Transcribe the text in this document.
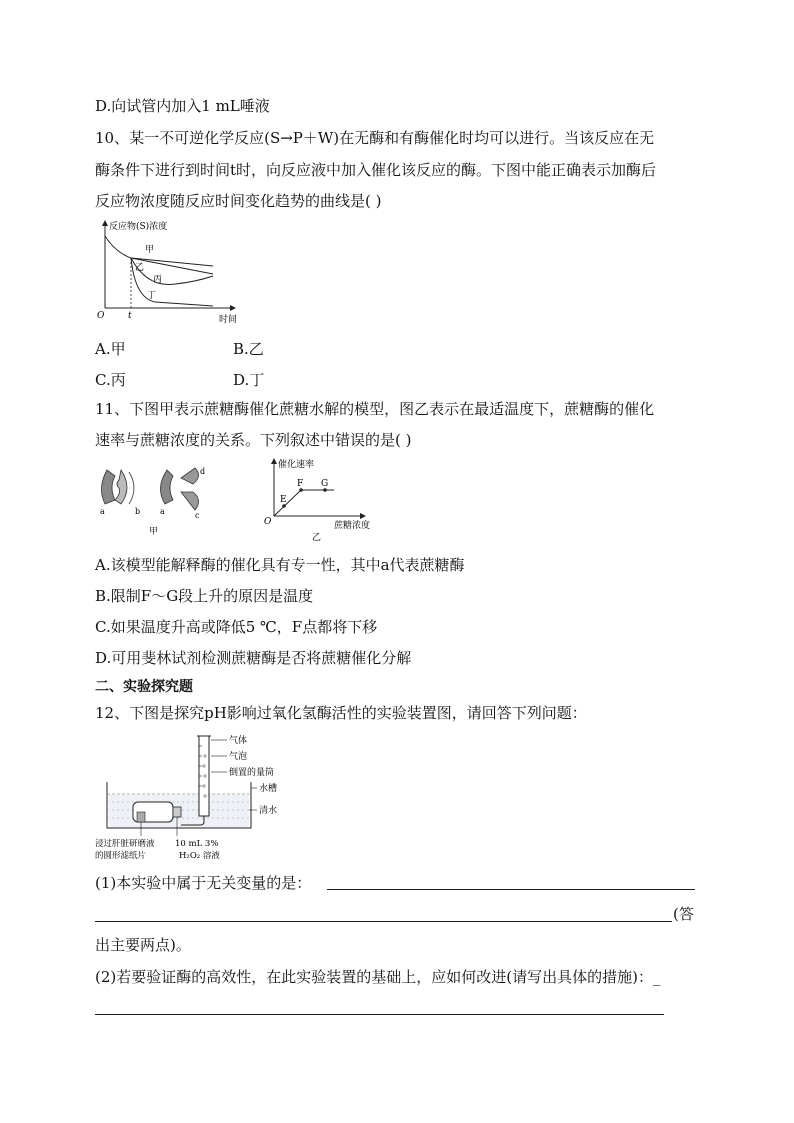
D.向试管内加入1 mL唾液
10、某一不可逆化学反应(S→P＋W)在无酶和有酶催化时均可以进行。当该反应在无
酶条件下进行到时间t时，向反应液中加入催化该反应的酶。下图中能正确表示加酶后
反应物浓度随反应时间变化趋势的曲线是( )
反应物(S)浓度
O	时间
t
甲
乙
丙
丁
A.甲	B.乙
C.丙	D.丁
11、下图甲表示蔗糖酶催化蔗糖水解的模型，图乙表示在最适温度下，蔗糖酶的催化
速率与蔗糖浓度的关系。下列叙述中错误的是( )
a	b a
d
c
甲
催化速率
蔗糖浓度
O
E
F G
乙
A.该模型能解释酶的催化具有专一性，其中a代表蔗糖酶
B.限制F～G段上升的原因是温度
C.如果温度升高或降低5 ℃，F点都将下移
D.可用斐林试剂检测蔗糖酶是否将蔗糖催化分解
二、实验探究题
12、下图是探究pH影响过氧化氢酶活性的实验装置图，请回答下列问题：
气体
气泡
倒置的量筒
水槽
清水
浸过肝脏研磨液
的圆形滤纸片
10 mL 3%
H₂O₂ 溶液
(1)本实验中属于无关变量的是：
(答
出主要两点)。
(2)若要验证酶的高效性，在此实验装置的基础上，应如何改进(请写出具体的措施)：_
